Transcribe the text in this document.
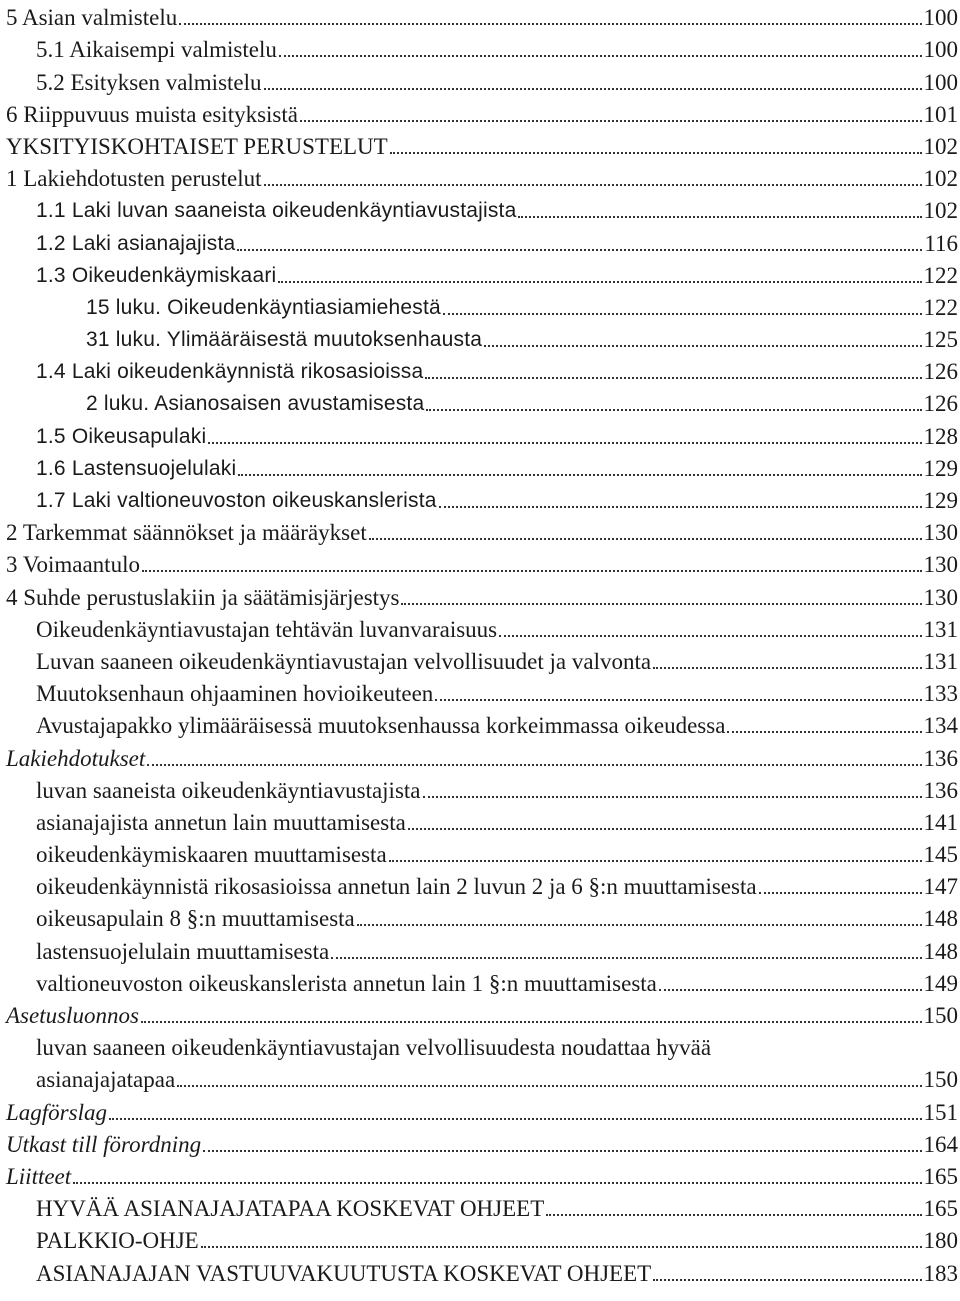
5 Asian valmistelu	100
5.1 Aikaisempi valmistelu	100
5.2 Esityksen valmistelu	100
6 Riippuvuus muista esityksistä	101
YKSITYISKOHTAISET PERUSTELUT	102
1 Lakiehdotusten perustelut	102
1.1 Laki luvan saaneista oikeudenkäyntiavustajista	102
1.2 Laki asianajajista	116
1.3 Oikeudenkäymiskaari	122
15 luku. Oikeudenkäyntiasiamiehestä	122
31 luku. Ylimääräisestä muutoksenhausta	125
1.4 Laki oikeudenkäynnistä rikosasioissa	126
2 luku. Asianosaisen avustamisesta	126
1.5 Oikeusapulaki	128
1.6 Lastensuojelulaki	129
1.7 Laki valtioneuvoston oikeuskanslerista	129
2 Tarkemmat säännökset ja määräykset	130
3 Voimaantulo	130
4 Suhde perustuslakiin ja säätämisjärjestys	130
Oikeudenkäyntiavustajan tehtävän luvanvaraisuus	131
Luvan saaneen oikeudenkäyntiavustajan velvollisuudet ja valvonta	131
Muutoksenhaun ohjaaminen hovioikeuteen	133
Avustajapakko ylimääräisessä muutoksenhaussa korkeimmassa oikeudessa	134
Lakiehdotukset	136
luvan saaneista oikeudenkäyntiavustajista	136
asianajajista annetun lain muuttamisesta	141
oikeudenkäymiskaaren muuttamisesta	145
oikeudenkäynnistä rikosasioissa annetun lain 2 luvun 2 ja 6 §:n muuttamisesta	147
oikeusapulain 8 §:n muuttamisesta	148
lastensuojelulain muuttamisesta	148
valtioneuvoston oikeuskanslerista annetun lain 1 §:n muuttamisesta	149
Asetusluonnos	150
luvan saaneen oikeudenkäyntiavustajan velvollisuudesta noudattaa hyvää
asianajajatapaa	150
Lagförslag	151
Utkast till förordning	164
Liitteet	165
HYVÄÄ ASIANAJAJATAPAA KOSKEVAT OHJEET	165
PALKKIO-OHJE	180
ASIANAJAJAN VASTUUVAKUUTUSTA KOSKEVAT OHJEET	183
